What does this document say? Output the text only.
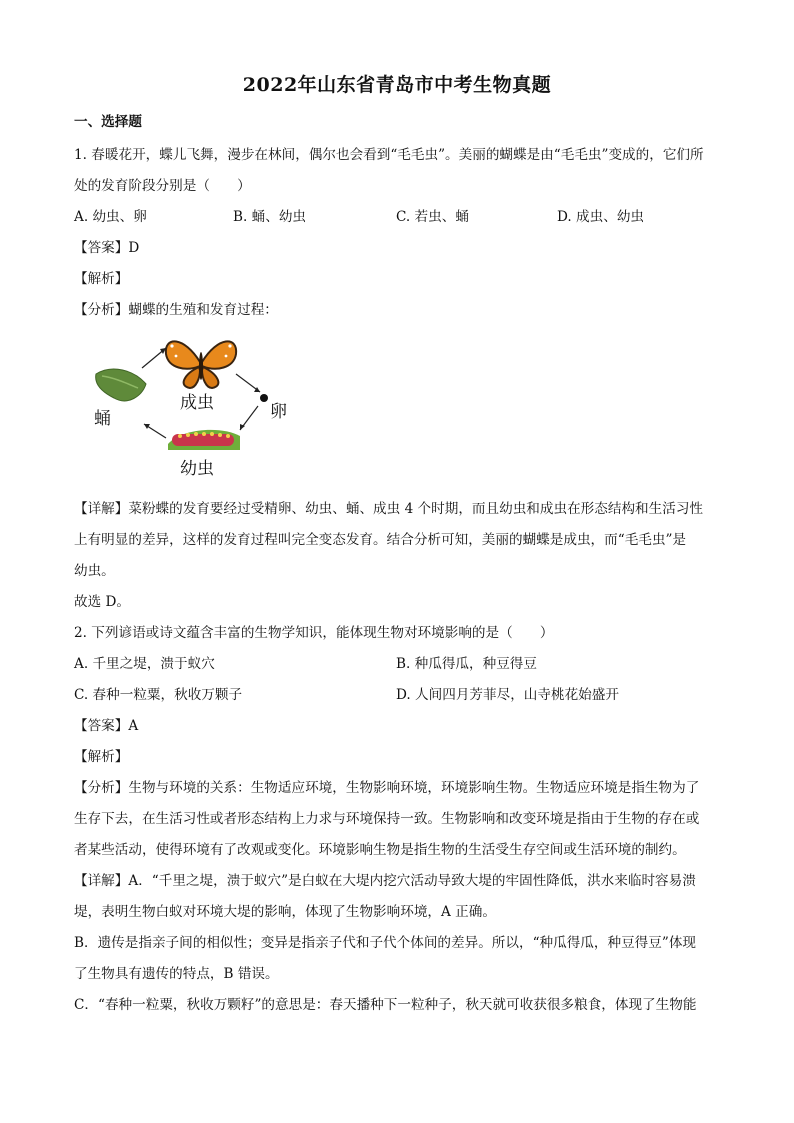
2022年山东省青岛市中考生物真题
一、选择题
1. 春暖花开，蝶儿飞舞，漫步在林间，偶尔也会看到“毛毛虫”。美丽的蝴蝶是由“毛毛虫”变成的，它们所
处的发育阶段分别是（　　）
A. 幼虫、卵	B. 蛹、幼虫	C. 若虫、蛹	D. 成虫、幼虫
【答案】D
【解析】
【分析】蝴蝶的生殖和发育过程：
成虫	卵
蛹
幼虫
【详解】菜粉蝶的发育要经过受精卵、幼虫、蛹、成虫 4 个时期，而且幼虫和成虫在形态结构和生活习性
上有明显的差异，这样的发育过程叫完全变态发育。结合分析可知，美丽的蝴蝶是成虫，而“毛毛虫”是
幼虫。
故选 D。
2. 下列谚语或诗文蕴含丰富的生物学知识，能体现生物对环境影响的是（　　）
A. 千里之堤，溃于蚁穴	B. 种瓜得瓜，种豆得豆
C. 春种一粒粟，秋收万颗子	D. 人间四月芳菲尽，山寺桃花始盛开
【答案】A
【解析】
【分析】生物与环境的关系：生物适应环境，生物影响环境，环境影响生物。生物适应环境是指生物为了
生存下去，在生活习性或者形态结构上力求与环境保持一致。生物影响和改变环境是指由于生物的存在或
者某些活动，使得环境有了改观或变化。环境影响生物是指生物的生活受生存空间或生活环境的制约。
【详解】A．“千里之堤，溃于蚁穴”是白蚁在大堤内挖穴活动导致大堤的牢固性降低，洪水来临时容易溃
堤，表明生物白蚁对环境大堤的影响，体现了生物影响环境，A 正确。
B．遗传是指亲子间的相似性；变异是指亲子代和子代个体间的差异。所以，“种瓜得瓜，种豆得豆”体现
了生物具有遗传的特点，B 错误。
C．“春种一粒粟，秋收万颗籽”的意思是：春天播种下一粒种子，秋天就可收获很多粮食，体现了生物能
